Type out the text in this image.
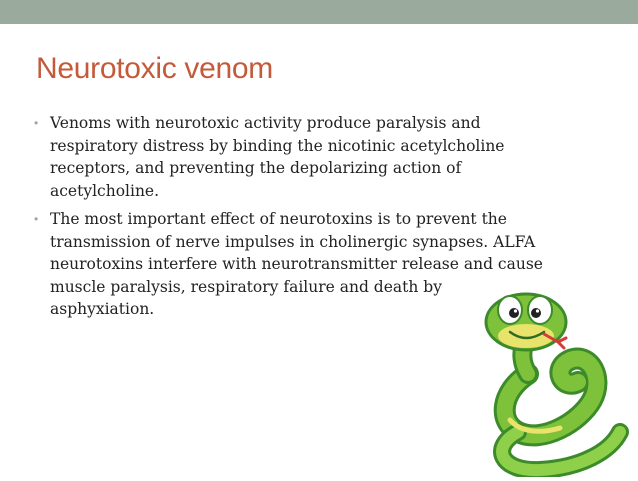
Neurotoxic venom
• Venoms with neurotoxic activity produce paralysis and
respiratory distress by binding the nicotinic acetylcholine
receptors, and preventing the depolarizing action of
acetylcholine.
• The most important effect of neurotoxins is to prevent the
transmission of nerve impulses in cholinergic synapses. ALFA
neurotoxins interfere with neurotransmitter release and cause
muscle paralysis, respiratory failure and death by
asphyxiation.
